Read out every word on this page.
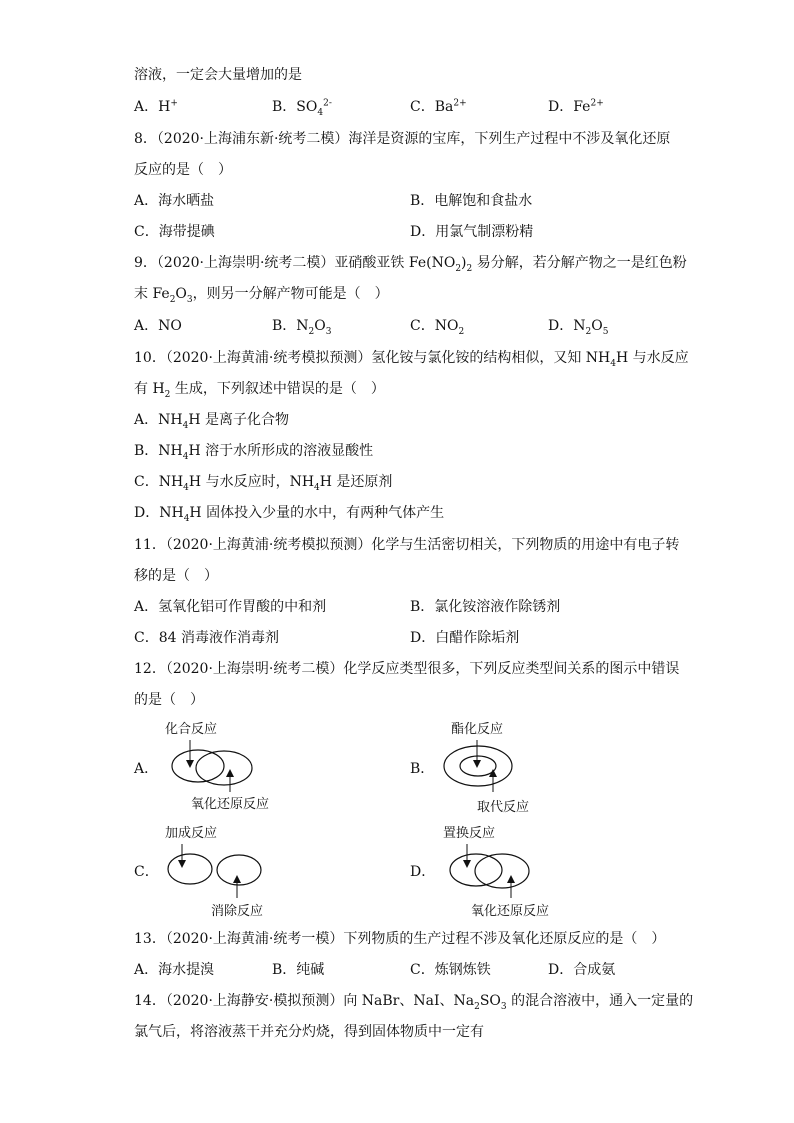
溶液，一定会大量增加的是
A．H+	B．$SO_4^{2-}$	C．$Ba^{2+}$	D．$Fe^{2+}$
8．（2020·上海浦东新·统考二模）海洋是资源的宝库，下列生产过程中不涉及氧化还原
反应的是（　）
A．海水晒盐	B．电解饱和食盐水
C．海带提碘	D．用氯气制漂粉精
9．（2020·上海崇明·统考二模）亚硝酸亚铁 $Fe(NO_2)_2$ 易分解，若分解产物之一是红色粉
末 $Fe_2O_3$，则另一分解产物可能是（　）
A．NO	B．$N_2O_3$	C．$NO_2$	D．$N_2O_5$
10．（2020·上海黄浦·统考模拟预测）氢化铵与氯化铵的结构相似，又知 $NH_4H$ 与水反应
有 $H_2$ 生成，下列叙述中错误的是（　）
A．$NH_4H$ 是离子化合物
B．$NH_4H$ 溶于水所形成的溶液显酸性
C．$NH_4H$ 与水反应时，$NH_4H$ 是还原剂
D．$NH_4H$ 固体投入少量的水中，有两种气体产生
11．（2020·上海黄浦·统考模拟预测）化学与生活密切相关，下列物质的用途中有电子转
移的是（　）
A．氢氧化铝可作胃酸的中和剂	B．氯化铵溶液作除锈剂
C．84 消毒液作消毒剂	D．白醋作除垢剂
12．（2020·上海崇明·统考二模）化学反应类型很多，下列反应类型间关系的图示中错误
的是（　）
A．	B．
C．	D．
化合反应
氧化还原反应
酯化反应
取代反应
加成反应
消除反应
置换反应
氧化还原反应
13．（2020·上海黄浦·统考一模）下列物质的生产过程不涉及氧化还原反应的是（　）
A．海水提溴	B．纯碱	C．炼钢炼铁	D．合成氨
14．（2020·上海静安·模拟预测）向 NaBr、NaI、$Na_2SO_3$ 的混合溶液中，通入一定量的
氯气后，将溶液蒸干并充分灼烧，得到固体物质中一定有
